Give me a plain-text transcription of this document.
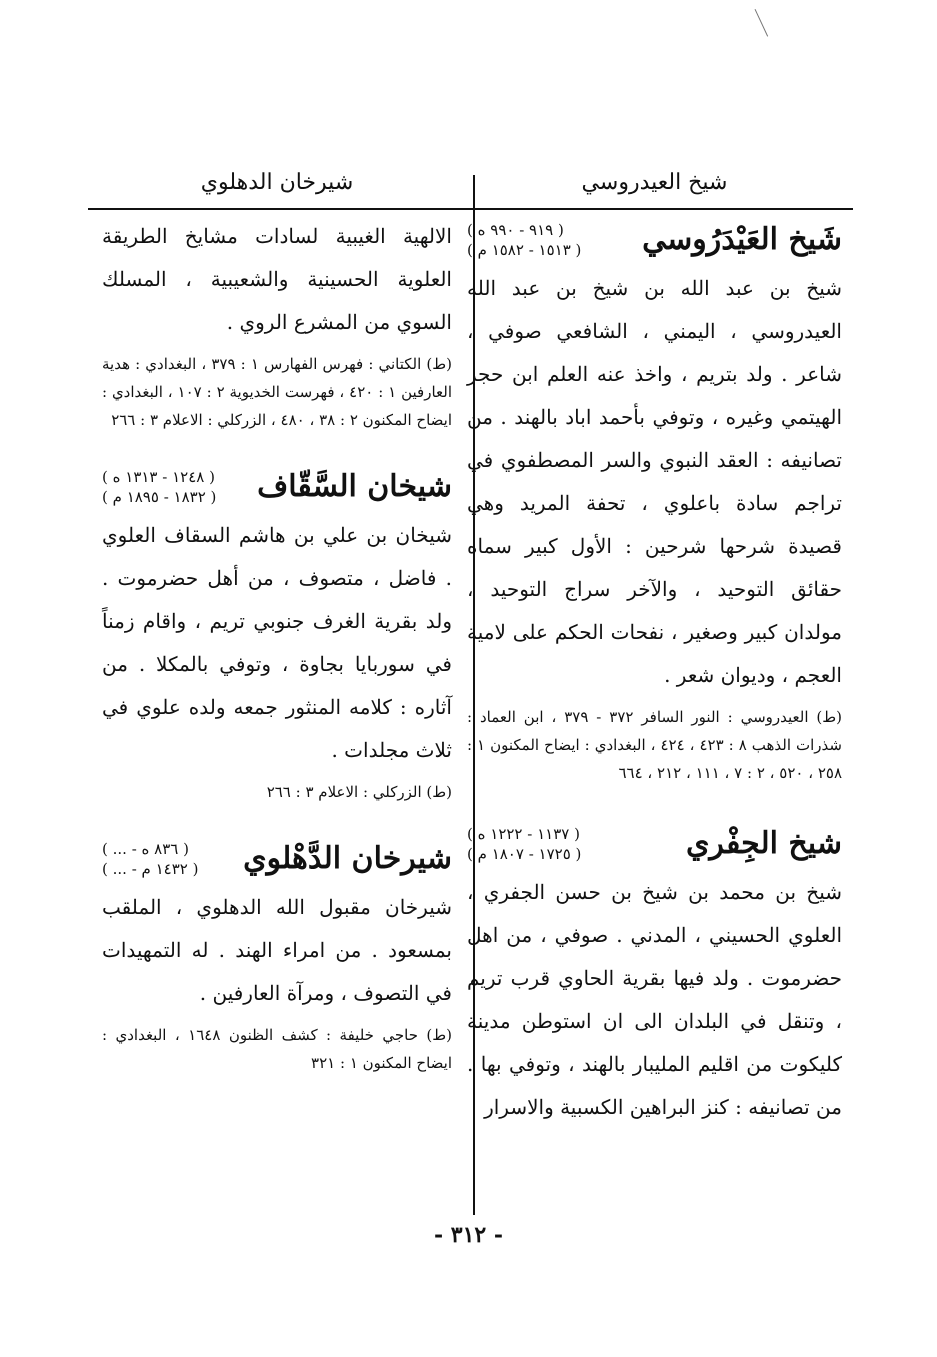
شيخ العيدروسي
شيرخان الدهلوي
شَيخ العَيْدَرُوسي
( ٩١٩ - ٩٩٠ ه )
( ١٥١٣ - ١٥٨٢ م )
شيخ بن عبد الله بن شيخ بن عبد الله العيدروسي ، اليمني ، الشافعي صوفي ، شاعر . ولد بتريم ، واخذ عنه العلم ابن حجر الهيتمي وغيره ، وتوفي بأحمد اباد بالهند . من تصانيفه : العقد النبوي والسر المصطفوي في تراجم سادة باعلوي ، تحفة المريد وهي قصيدة شرحها شرحين : الأول كبير سماه حقائق التوحيد ، والآخر سراج التوحيد ، مولدان كبير وصغير ، نفحات الحكم على لامية العجم ، وديوان شعر .
(ط) العيدروسي : النور السافر ٣٧٢ - ٣٧٩ ، ابن العماد : شذرات الذهب ٨ : ٤٢٣ ، ٤٢٤ ، البغدادي : ايضاح المكنون ١ : ٢٥٨ ، ٥٢٠ ، ٢ : ٧ ، ١١١ ، ٢١٢ ، ٦٦٤
شيخ الجِفْري
( ١١٣٧ - ١٢٢٢ ه )
( ١٧٢٥ - ١٨٠٧ م )
شيخ بن محمد بن شيخ بن حسن الجفري ، العلوي الحسيني ، المدني . صوفي ، من اهل حضرموت . ولد فيها بقرية الحاوي قرب تريم ، وتنقل في البلدان الى ان استوطن مدينة كليكوت من اقليم المليبار بالهند ، وتوفي بها . من تصانيفه : كنز البراهين الكسبية والاسرار
الالهية الغيبية لسادات مشايخ الطريقة العلوية الحسينية والشعيبية ، المسلك السوي من المشرع الروي .
(ط) الكتاني : فهرس الفهارس ١ : ٣٧٩ ، البغدادي : هدية العارفين ١ : ٤٢٠ ، فهرست الخديوية ٢ : ١٠٧ ، البغدادي : ايضاح المكنون ٢ : ٣٨ ، ٤٨٠ ، الزركلي : الاعلام ٣ : ٢٦٦
شيخان السَّقّاف
( ١٢٤٨ - ١٣١٣ ه )
( ١٨٣٢ - ١٨٩٥ م )
شيخان بن علي بن هاشم السقاف العلوي . فاضل ، متصوف ، من أهل حضرموت . ولد بقرية الغرف جنوبي تريم ، واقام زمناً في سوربايا بجاوة ، وتوفي بالمكلا . من آثاره : كلامه المنثور جمعه ولده علوي في ثلاث مجلدات .
(ط) الزركلي : الاعلام ٣ : ٢٦٦
شيرخان الدَّهْلوي
( ... - ٨٣٦ ه )
( ... - ١٤٣٢ م )
شيرخان مقبول الله الدهلوي ، الملقب بمسعود . من امراء الهند . له التمهيدات في التصوف ، ومرآة العارفين .
(ط) حاجي خليفة : كشف الظنون ١٦٤٨ ، البغدادي : ايضاح المكنون ١ : ٣٢١
- ٣١٢ -
